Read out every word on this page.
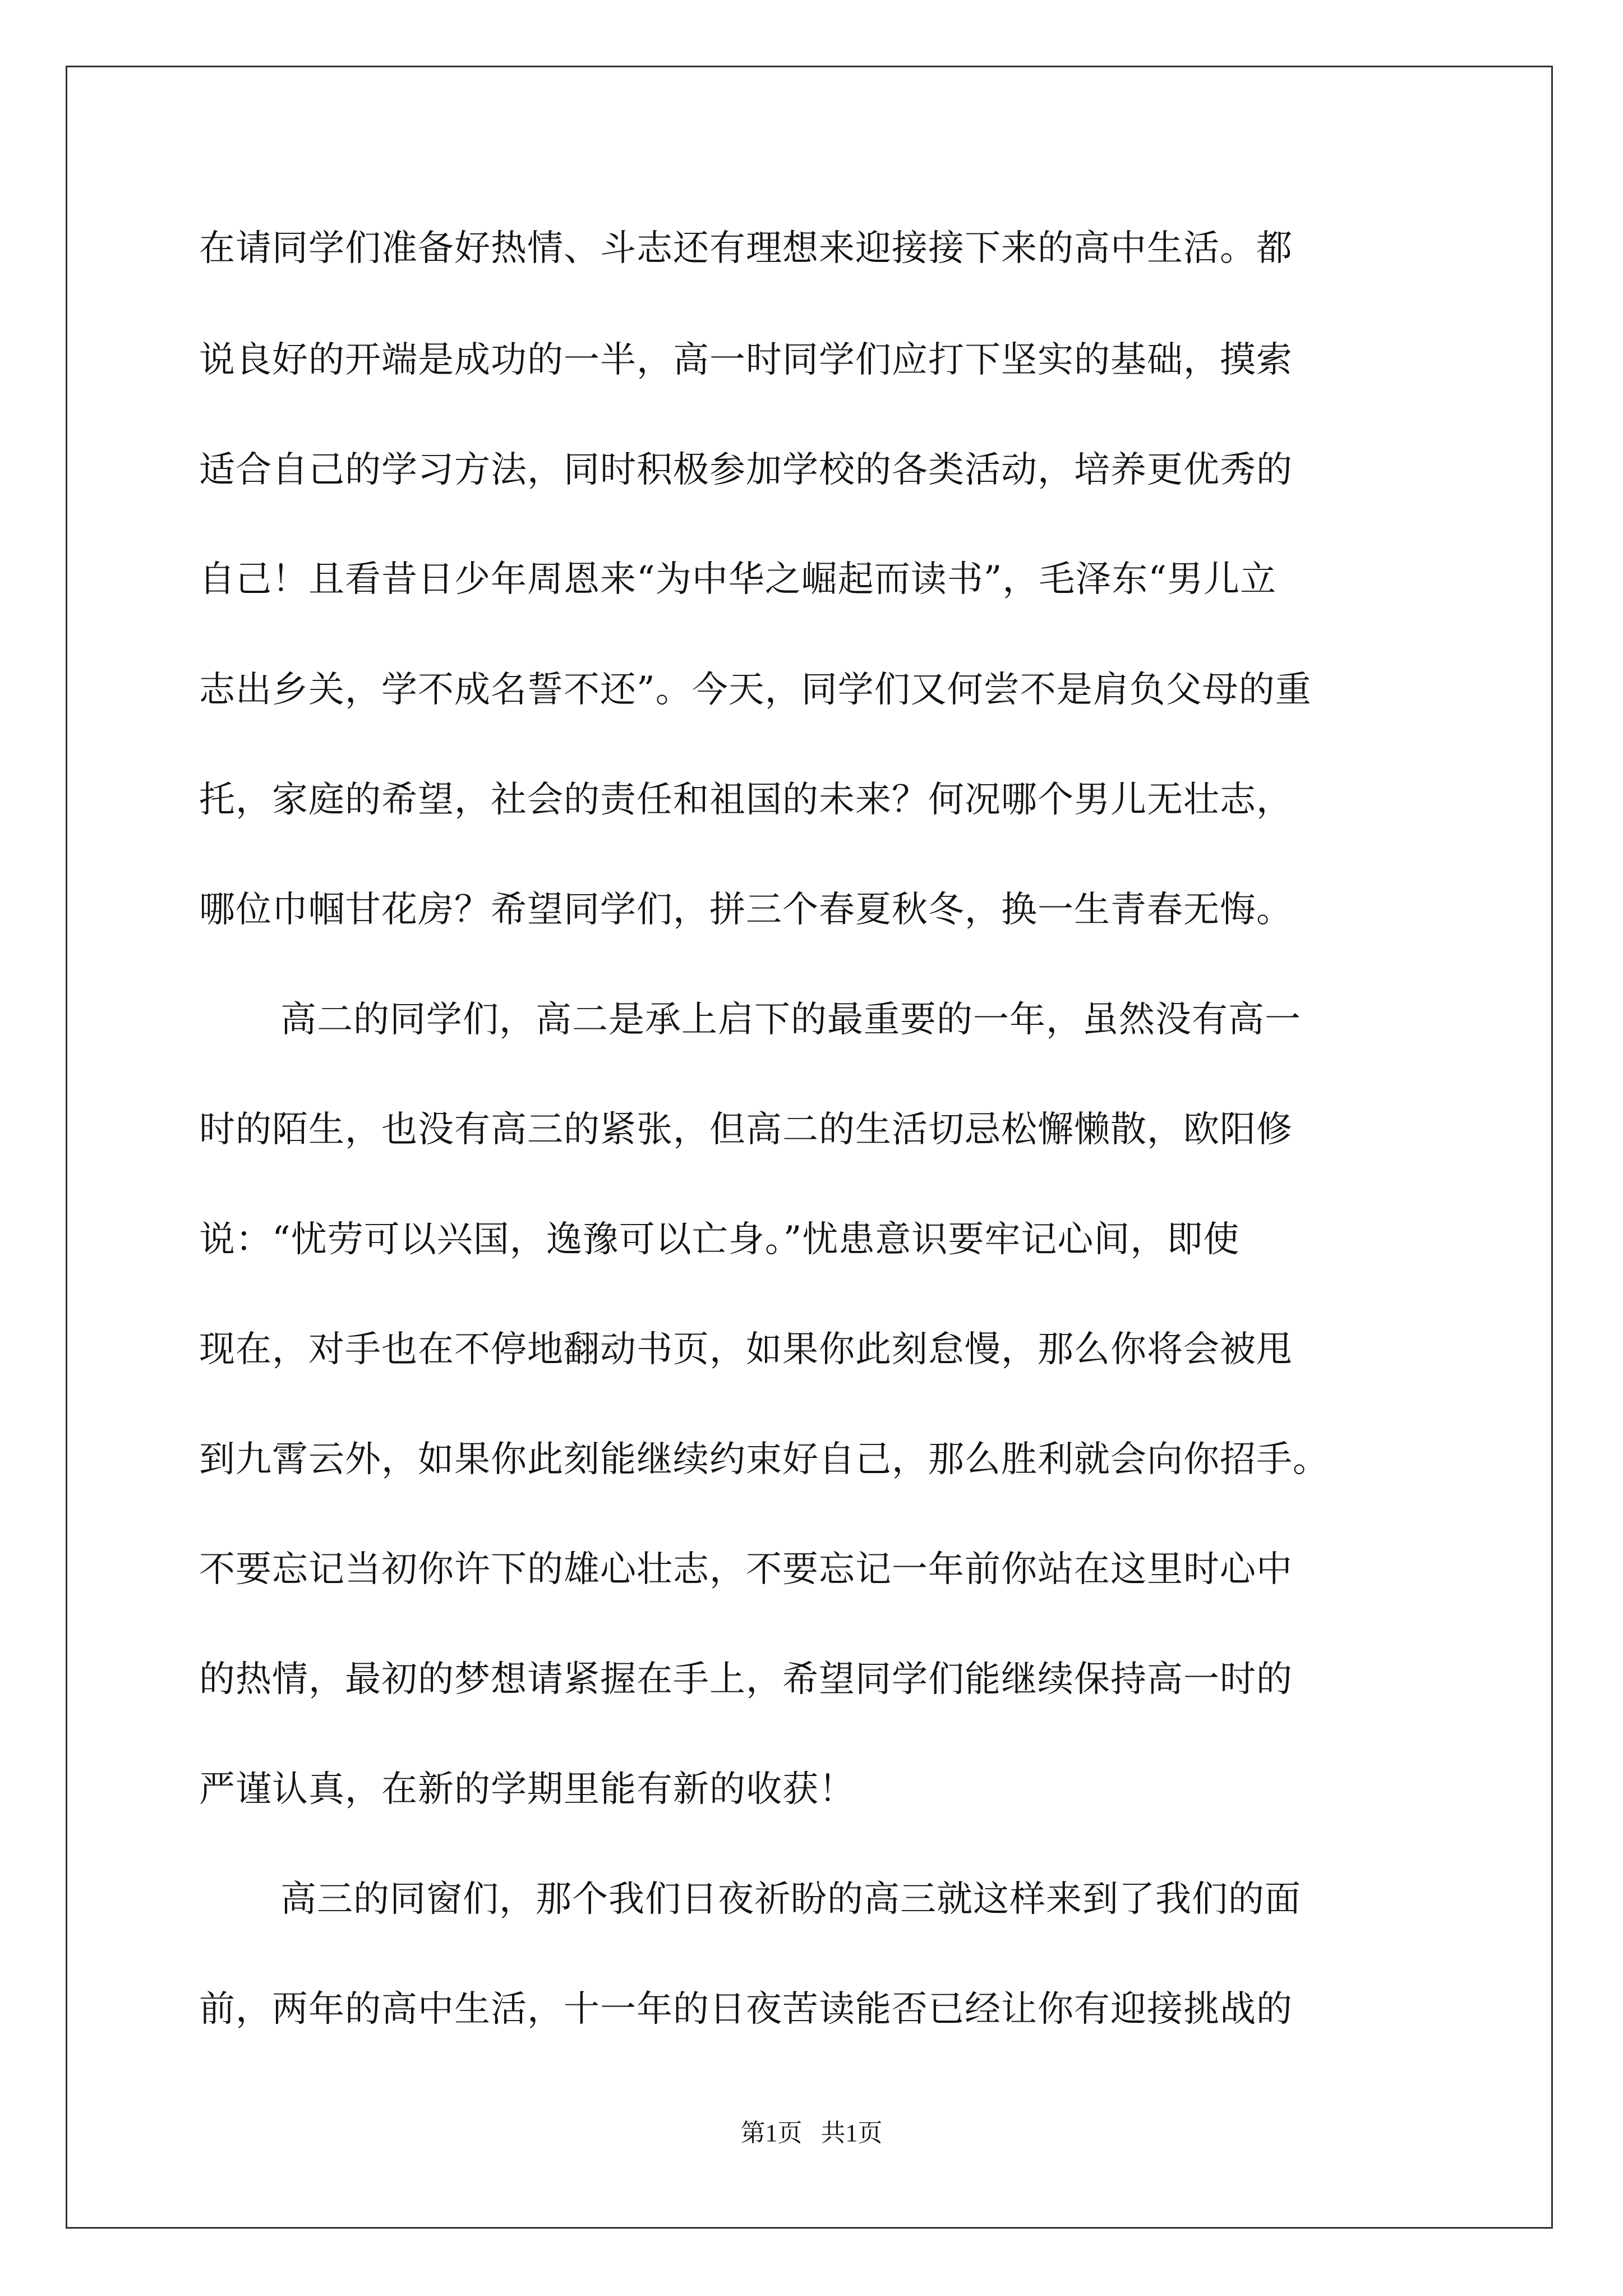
在请同学们准备好热情、斗志还有理想来迎接接下来的高中生活。都
说良好的开端是成功的一半，高一时同学们应打下坚实的基础，摸索
适合自己的学习方法，同时积极参加学校的各类活动，培养更优秀的
自己！且看昔日少年周恩来“为中华之崛起而读书”，毛泽东“男儿立
志出乡关，学不成名誓不还”。今天，同学们又何尝不是肩负父母的重
托，家庭的希望，社会的责任和祖国的未来？何况哪个男儿无壮志，
哪位巾帼甘花房？希望同学们，拼三个春夏秋冬，换一生青春无悔。
高二的同学们，高二是承上启下的最重要的一年，虽然没有高一
时的陌生，也没有高三的紧张，但高二的生活切忌松懈懒散，欧阳修
说：“忧劳可以兴国，逸豫可以亡身。”忧患意识要牢记心间，即使
现在，对手也在不停地翻动书页，如果你此刻怠慢，那么你将会被甩
到九霄云外，如果你此刻能继续约束好自己，那么胜利就会向你招手。
不要忘记当初你许下的雄心壮志，不要忘记一年前你站在这里时心中
的热情，最初的梦想请紧握在手上，希望同学们能继续保持高一时的
严谨认真，在新的学期里能有新的收获！
高三的同窗们，那个我们日夜祈盼的高三就这样来到了我们的面
前，两年的高中生活，十一年的日夜苦读能否已经让你有迎接挑战的
第1页   共1页
